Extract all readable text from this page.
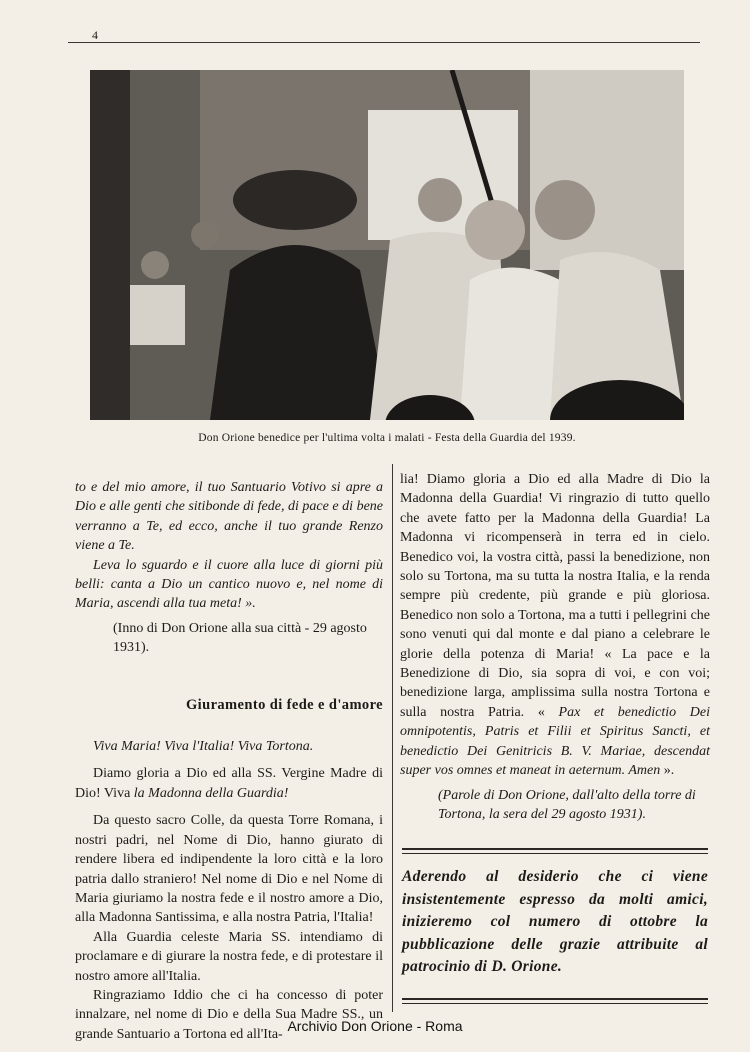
4
Don Orione benedice per l'ultima volta i malati - Festa della Guardia del 1939.

to e del mio amore, il tuo Santuario Votivo si apre a Dio e alle genti che sitibonde di fede, di pace e di bene verranno a Te, ed ecco, anche il tuo grande Renzo viene a Te.

Leva lo sguardo e il cuore alla luce di giorni più belli: canta a Dio un cantico nuovo e, nel nome di Maria, ascendi alla tua meta! ».

(Inno di Don Orione alla sua città - 29 agosto 1931).

Giuramento di fede e d'amore

Viva Maria! Viva l'Italia! Viva Tortona.

Diamo gloria a Dio ed alla SS. Vergine Madre di Dio! Viva la Madonna della Guardia!

Da questo sacro Colle, da questa Torre Romana, i nostri padri, nel Nome di Dio, hanno giurato di rendere libera ed indipendente la loro città e la loro patria dallo straniero! Nel nome di Dio e nel Nome di Maria giuriamo la nostra fede e il nostro amore a Dio, alla Madonna Santissima, e alla nostra Patria, l'Italia!

Alla Guardia celeste Maria SS. intendiamo di proclamare e di giurare la nostra fede, e di protestare il nostro amore all'Italia.

Ringraziamo Iddio che ci ha concesso di poter innalzare, nel nome di Dio e della Sua Madre SS., un grande Santuario a Tortona ed all'Ita-

lia! Diamo gloria a Dio ed alla Madre di Dio la Madonna della Guardia! Vi ringrazio di tutto quello che avete fatto per la Madonna della Guardia! La Madonna vi ricompenserà in terra ed in cielo. Benedico voi, la vostra città, passi la benedizione, non solo su Tortona, ma su tutta la nostra Italia, e la renda sempre più credente, più grande e più gloriosa. Benedico non solo a Tortona, ma a tutti i pellegrini che sono venuti qui dal monte e dal piano a celebrare le glorie della potenza di Maria! « La pace e la Benedizione di Dio, sia sopra di voi, e con voi; benedizione larga, amplissima sulla nostra Tortona e sulla nostra Patria. « Pax et benedictio Dei omnipotentis, Patris et Filii et Spiritus Sancti, et benedictio Dei Genitricis B. V. Mariae, descendat super vos omnes et maneat in aeternum. Amen ».

(Parole di Don Orione, dall'alto della torre di Tortona, la sera del 29 agosto 1931).

Aderendo al desiderio che ci viene insistentemente espresso da molti amici, inizieremo col numero di ottobre la pubblicazione delle grazie attribuite al patrocinio di D. Orione.
Archivio Don Orione - Roma
